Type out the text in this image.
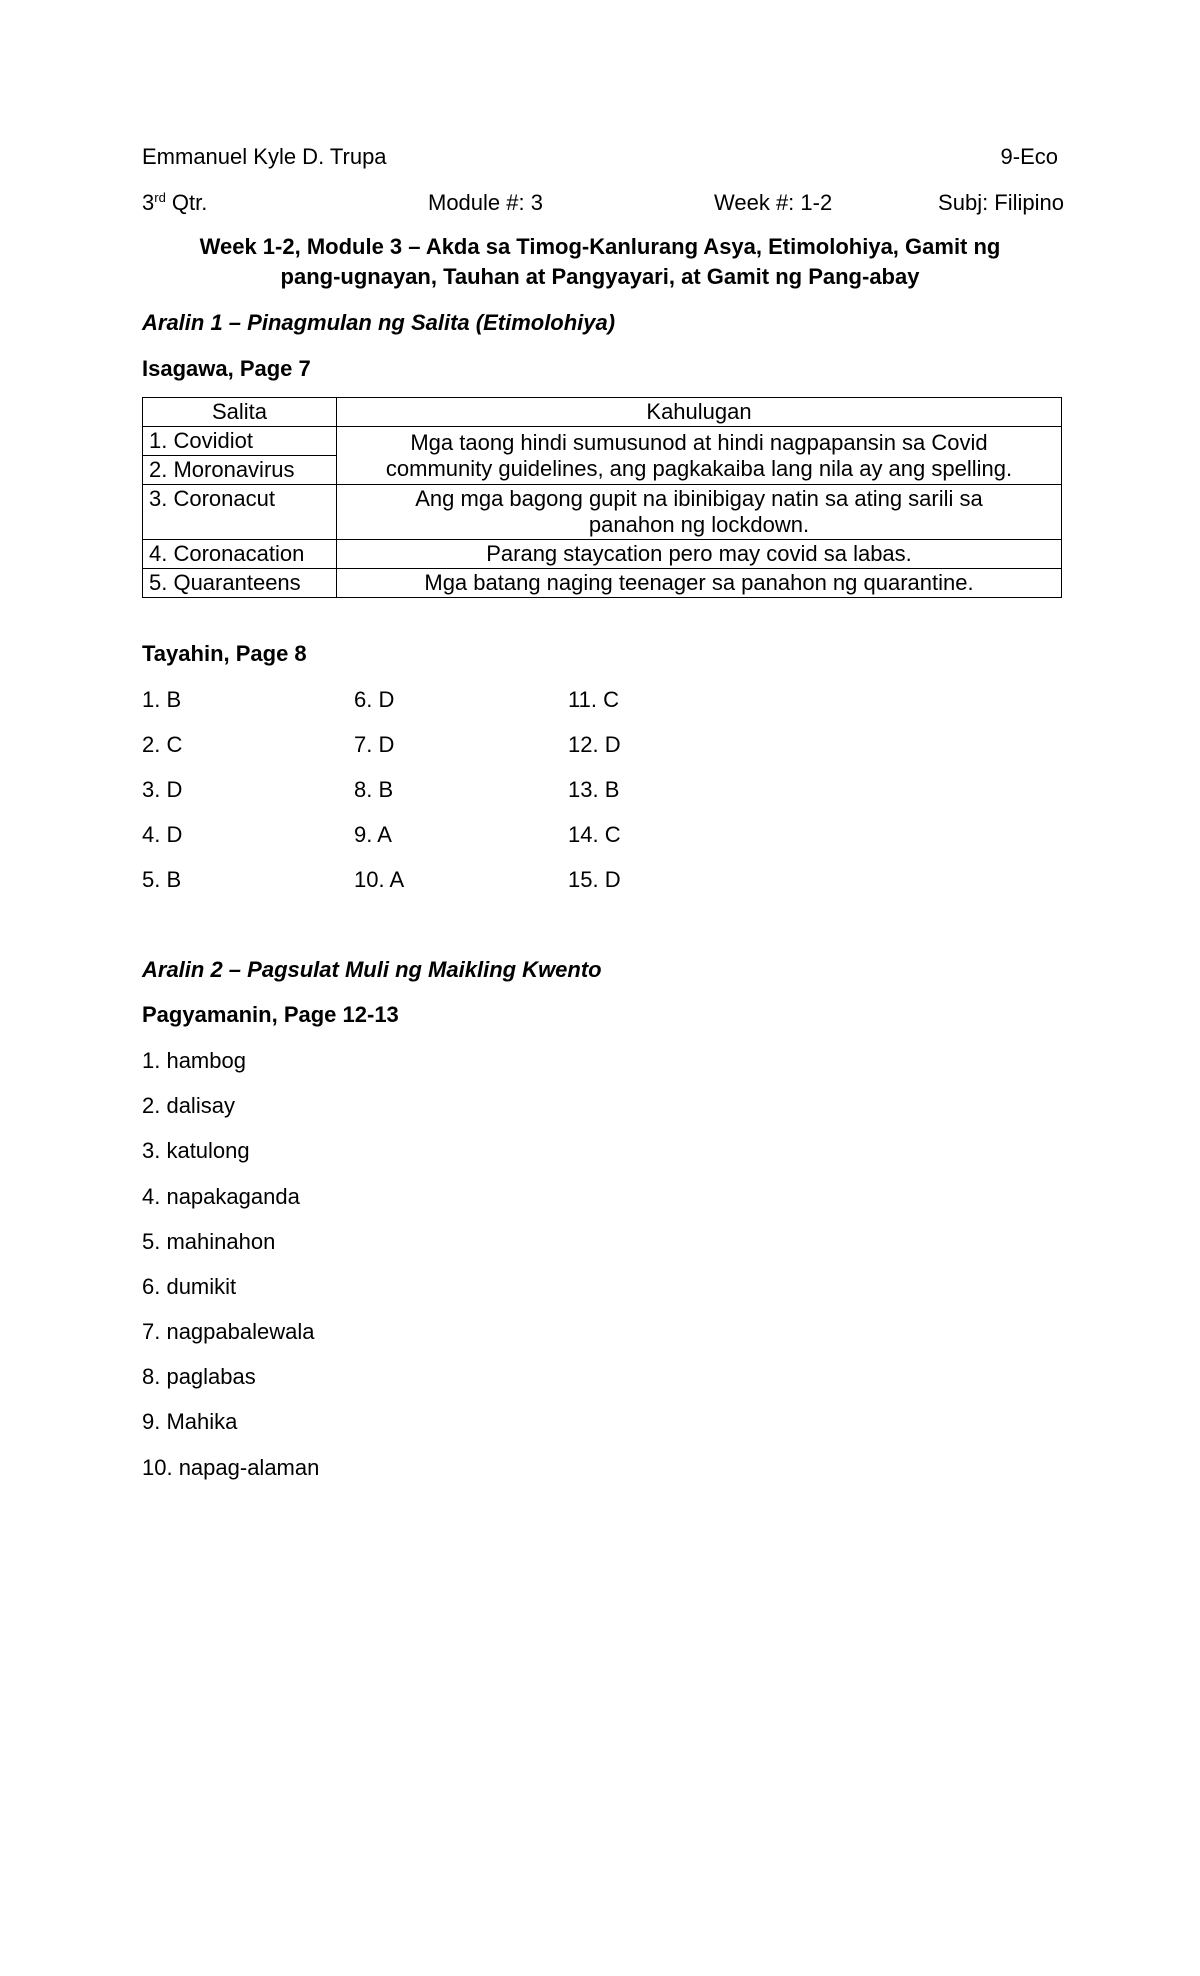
Emmanuel Kyle D. Trupa	9-Eco
3rd Qtr.	Module #: 3	Week #: 1-2	Subj: Filipino
Week 1-2, Module 3 – Akda sa Timog-Kanlurang Asya, Etimolohiya, Gamit ng
pang-ugnayan, Tauhan at Pangyayari, at Gamit ng Pang-abay
Aralin 1 – Pinagmulan ng Salita (Etimolohiya)
Isagawa, Page 7
Salita	Kahulugan
1. Covidiot	Mga taong hindi sumusunod at hindi nagpapansin sa Covid
community guidelines, ang pagkakaiba lang nila ay ang spelling.

2. Moronavirus	
3. Coronacut	Ang mga bagong gupit na ibinibigay natin sa ating sarili sa
panahon ng lockdown.

4. Coronacation	Parang staycation pero may covid sa labas.
5. Quaranteens	Mga batang naging teenager sa panahon ng quarantine.
Tayahin, Page 8
1. B	6. D	11. C
2. C	7. D	12. D
3. D	8. B	13. B
4. D	9. A	14. C
5. B	10. A	15. D
Aralin 2 – Pagsulat Muli ng Maikling Kwento
Pagyamanin, Page 12-13
1. hambog
2. dalisay
3. katulong
4. napakaganda
5. mahinahon
6. dumikit
7. nagpabalewala
8. paglabas
9. Mahika
10. napag-alaman
